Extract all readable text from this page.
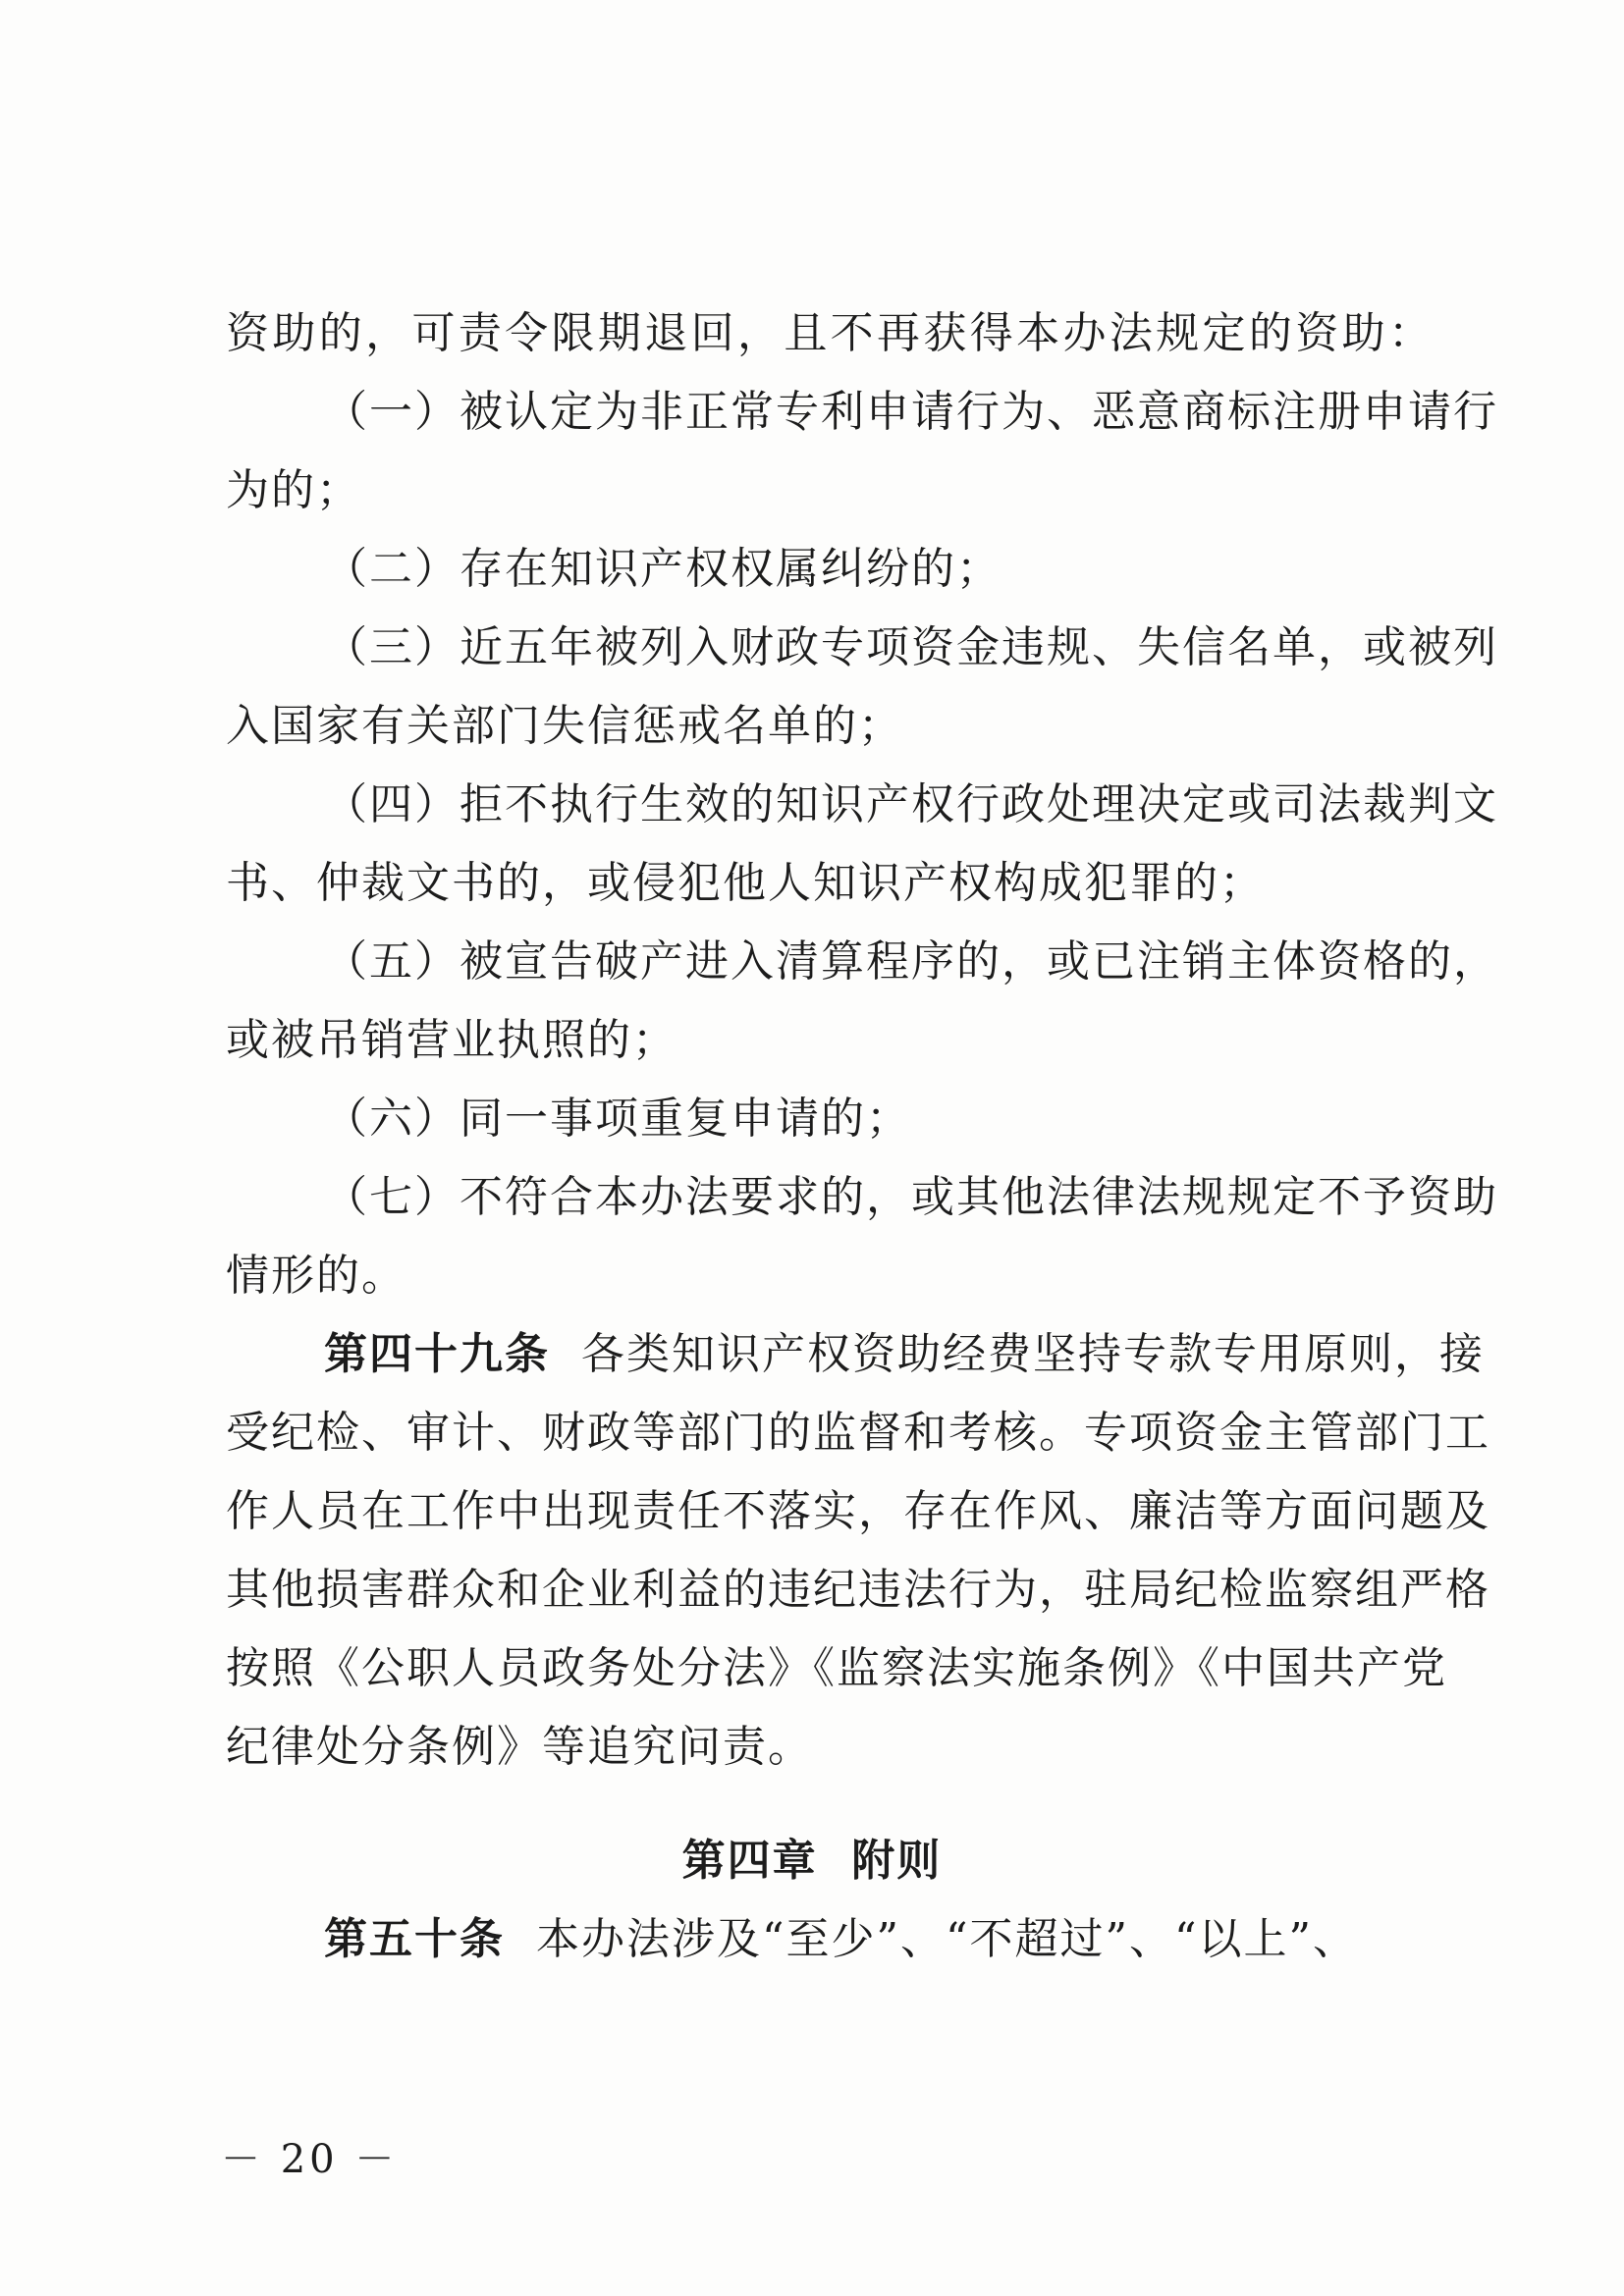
资助的，可责令限期退回，且不再获得本办法规定的资助：
（一）被认定为非正常专利申请行为、恶意商标注册申请行
为的；
（二）存在知识产权权属纠纷的；
（三）近五年被列入财政专项资金违规、失信名单，或被列
入国家有关部门失信惩戒名单的；
（四）拒不执行生效的知识产权行政处理决定或司法裁判文
书、仲裁文书的，或侵犯他人知识产权构成犯罪的；
（五）被宣告破产进入清算程序的，或已注销主体资格的，
或被吊销营业执照的；
（六）同一事项重复申请的；
（七）不符合本办法要求的，或其他法律法规规定不予资助
情形的。
第四十九条 各类知识产权资助经费坚持专款专用原则，接
受纪检、审计、财政等部门的监督和考核。专项资金主管部门工
作人员在工作中出现责任不落实，存在作风、廉洁等方面问题及
其他损害群众和企业利益的违纪违法行为，驻局纪检监察组严格
按照《公职人员政务处分法》《监察法实施条例》《中国共产党
纪律处分条例》等追究问责。
第四章  附则
第五十条 本办法涉及“至少”、“不超过”、“以上”、
－ 20 －
